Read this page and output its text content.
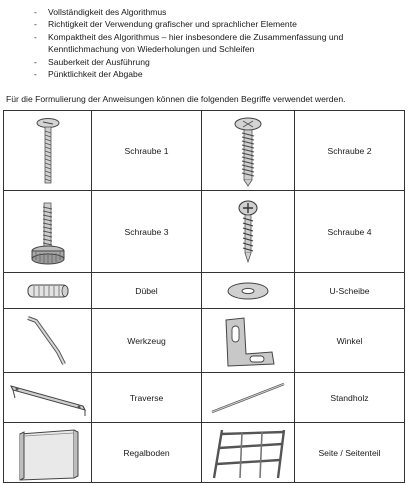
- Vollständigkeit des Algorithmus
- Richtigkeit der Verwendung grafischer und sprachlicher Elemente
- Kompaktheit des Algorithmus – hier insbesondere die Zusammenfassung und
Kenntlichmachung von Wiederholungen und Schleifen
- Sauberkeit der Ausführung
- Pünktlichkeit der Abgabe
Für die Formulierung der Anweisungen können die folgenden Begriffe verwendet werden.
	Schraube 1		Schraube 2

	Schraube 3		Schraube 4

	Dübel		U-Scheibe

	Werkzeug		Winkel

	Traverse		Standholz

	Regalboden		Seite / Seitenteil
